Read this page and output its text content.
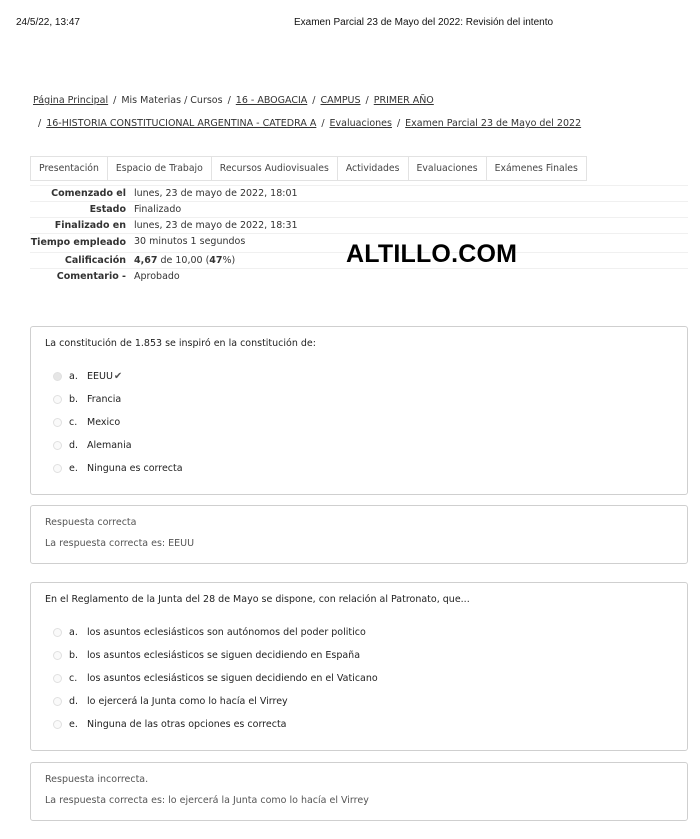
24/5/22, 13:47	Examen Parcial 23 de Mayo del 2022: Revisión del intento
Página Principal / Mis Materias / Cursos / 16 - ABOGACIA / CAMPUS / PRIMER AÑO
/ 16-HISTORIA CONSTITUCIONAL ARGENTINA - CATEDRA A / Evaluaciones / Examen Parcial 23 de Mayo del 2022
Presentación	Espacio de Trabajo	Recursos Audiovisuales	Actividades	Evaluaciones	Exámenes Finales
Comenzado el lunes, 23 de mayo de 2022, 18:01
Estado Finalizado
Finalizado en lunes, 23 de mayo de 2022, 18:31
Tiempo empleado 30 minutos 1 segundos
Calificación 4,67 de 10,00 (47%)
Comentario - Aprobado
ALTILLO.COM
La constitución de 1.853 se inspiró en la constitución de:
a. EEUU ✔
b. Francia
c.	Mexico
d. Alemania
e. Ninguna es correcta
Respuesta correcta
La respuesta correcta es: EEUU
En el Reglamento de la Junta del 28 de Mayo se dispone, con relación al Patronato, que...
a. los asuntos eclesiásticos son autónomos del poder politico
b. los asuntos eclesiásticos se siguen decidiendo en España
c.	los asuntos eclesiásticos se siguen decidiendo en el Vaticano
d. lo ejercerá la Junta como lo hacía el Virrey
e. Ninguna de las otras opciones es correcta
Respuesta incorrecta.
La respuesta correcta es: lo ejercerá la Junta como lo hacía el Virrey
